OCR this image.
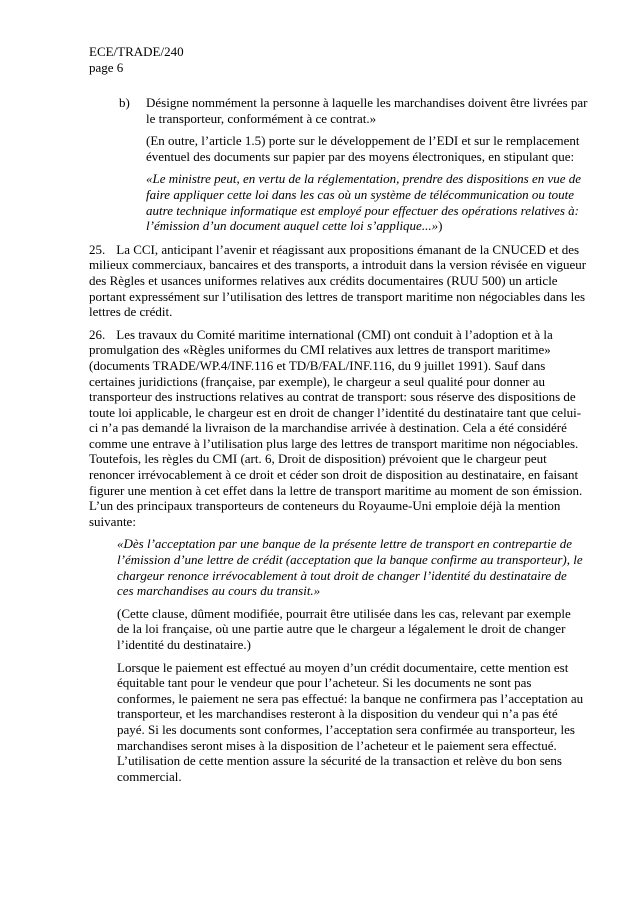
ECE/TRADE/240
page 6
b)	Désigne nommément la personne à laquelle les marchandises doivent être livrées par le transporteur, conformément à ce contrat.»

(En outre, l’article 1.5) porte sur le développement de l’EDI et sur le remplacement éventuel des documents sur papier par des moyens électroniques, en stipulant que:

«Le ministre peut, en vertu de la réglementation, prendre des dispositions en vue de faire appliquer cette loi dans les cas où un système de télécommunication ou toute autre technique informatique est employé pour effectuer des opérations relatives à: l’émission d’un document auquel cette loi s’applique...»)

25. La CCI, anticipant l’avenir et réagissant aux propositions émanant de la CNUCED et des milieux commerciaux, bancaires et des transports, a introduit dans la version révisée en vigueur des Règles et usances uniformes relatives aux crédits documentaires (RUU 500) un article portant expressément sur l’utilisation des lettres de transport maritime non négociables dans les lettres de crédit.

26. Les travaux du Comité maritime international (CMI) ont conduit à l’adoption et à la promulgation des «Règles uniformes du CMI relatives aux lettres de transport maritime» (documents TRADE/WP.4/INF.116 et TD/B/FAL/INF.116, du 9 juillet 1991). Sauf dans certaines juridictions (française, par exemple), le chargeur a seul qualité pour donner au transporteur des instructions relatives au contrat de transport: sous réserve des dispositions de toute loi applicable, le chargeur est en droit de changer l’identité du destinataire tant que celui-ci n’a pas demandé la livraison de la marchandise arrivée à destination. Cela a été considéré comme une entrave à l’utilisation plus large des lettres de transport maritime non négociables. Toutefois, les règles du CMI (art. 6, Droit de disposition) prévoient que le chargeur peut renoncer irrévocablement à ce droit et céder son droit de disposition au destinataire, en faisant figurer une mention à cet effet dans la lettre de transport maritime au moment de son émission. L’un des principaux transporteurs de conteneurs du Royaume-Uni emploie déjà la mention suivante:

«Dès l’acceptation par une banque de la présente lettre de transport en contrepartie de l’émission d’une lettre de crédit (acceptation que la banque confirme au transporteur), le chargeur renonce irrévocablement à tout droit de changer l’identité du destinataire de ces marchandises au cours du transit.»

(Cette clause, dûment modifiée, pourrait être utilisée dans les cas, relevant par exemple de la loi française, où une partie autre que le chargeur a légalement le droit de changer l’identité du destinataire.)

Lorsque le paiement est effectué au moyen d’un crédit documentaire, cette mention est équitable tant pour le vendeur que pour l’acheteur. Si les documents ne sont pas conformes, le paiement ne sera pas effectué: la banque ne confirmera pas l’acceptation au transporteur, et les marchandises resteront à la disposition du vendeur qui n’a pas été payé. Si les documents sont conformes, l’acceptation sera confirmée au transporteur, les marchandises seront mises à la disposition de l’acheteur et le paiement sera effectué. L’utilisation de cette mention assure la sécurité de la transaction et relève du bon sens commercial.
